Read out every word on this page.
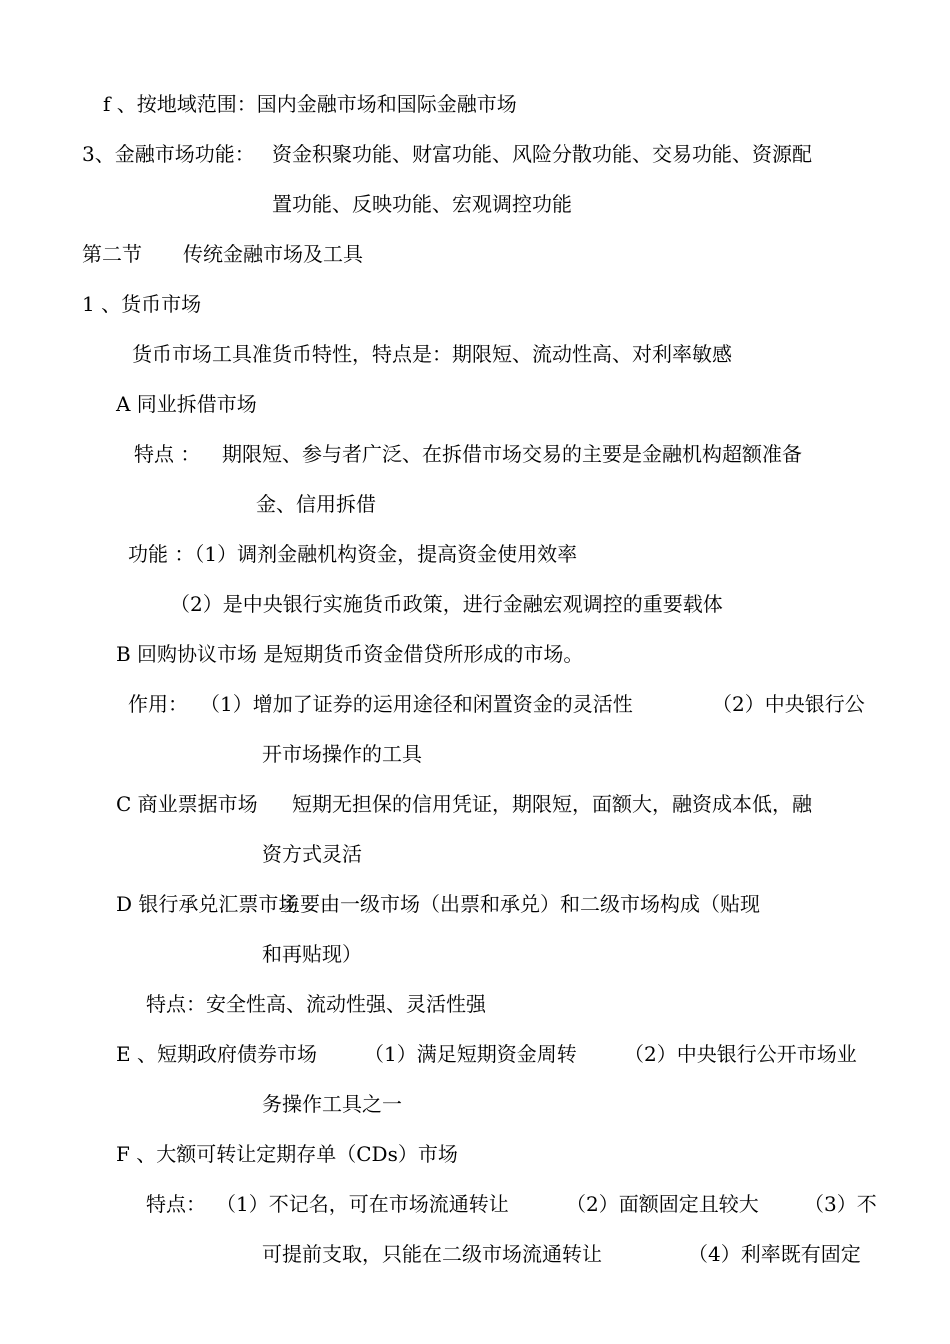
f 、按地域范围：国内金融市场和国际金融市场
3、金融市场功能： 资金积聚功能、财富功能、风险分散功能、交易功能、资源配
置功能、反映功能、宏观调控功能
第二节 传统金融市场及工具
1 、货币市场
货币市场工具准货币特性，特点是：期限短、流动性高、对利率敏感
A 同业拆借市场
特点 ： 期限短、参与者广泛、在拆借市场交易的主要是金融机构超额准备
金、信用拆借
功能 ：（1）调剂金融机构资金，提高资金使用效率
（2）是中央银行实施货币政策，进行金融宏观调控的重要载体
B 回购协议市场 是短期货币资金借贷所形成的市场。
作用： （1）增加了证券的运用途径和闲置资金的灵活性	（2）中央银行公
开市场操作的工具
C 商业票据市场 短期无担保的信用凭证，期限短，面额大，融资成本低，融
资方式灵活
D 银行承兑汇票市场
主要由一级市场（出票和承兑）和二级市场构成（贴现
和再贴现）
特点：安全性高、流动性强、灵活性强
E 、短期政府债券市场 （1）满足短期资金周转 （2）中央银行公开市场业
务操作工具之一
F 、大额可转让定期存单（CDs）市场
特点： （1）不记名，可在市场流通转让	（2）面额固定且较大 （3）不
可提前支取，只能在二级市场流通转让	（4）利率既有固定
